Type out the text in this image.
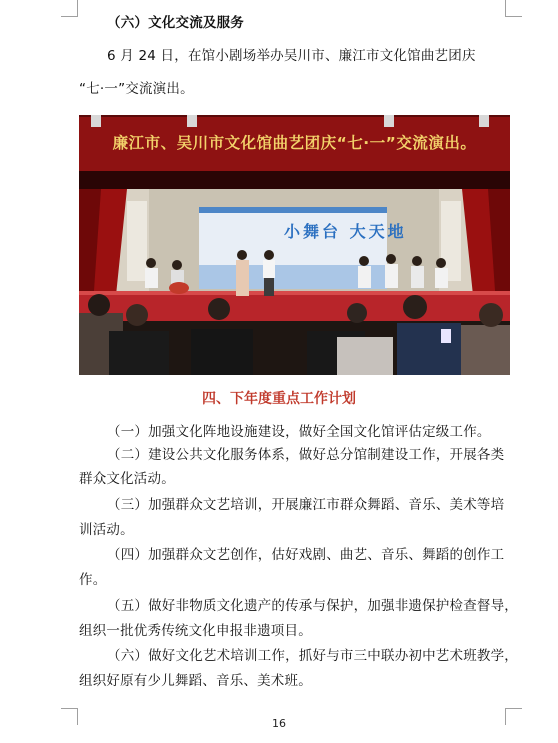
（六）文化交流及服务
6 月 24 日，在馆小剧场举办吴川市、廉江市文化馆曲艺团庆
“七·一”交流演出。
廉江市、吴川市文化馆曲艺团庆“七·一”交流演出。
小舞台 大天地
四、下年度重点工作计划
（一）加强文化阵地设施建设，做好全国文化馆评估定级工作。
（二）建设公共文化服务体系，做好总分馆制建设工作，开展各类
群众文化活动。
（三）加强群众文艺培训，开展廉江市群众舞蹈、音乐、美术等培
训活动。
（四）加强群众文艺创作，估好戏剧、曲艺、音乐、舞蹈的创作工
作。
（五）做好非物质文化遗产的传承与保护，加强非遗保护检查督导，
组织一批优秀传统文化申报非遗项目。
（六）做好文化艺术培训工作，抓好与市三中联办初中艺术班教学，
组织好原有少儿舞蹈、音乐、美术班。
16
